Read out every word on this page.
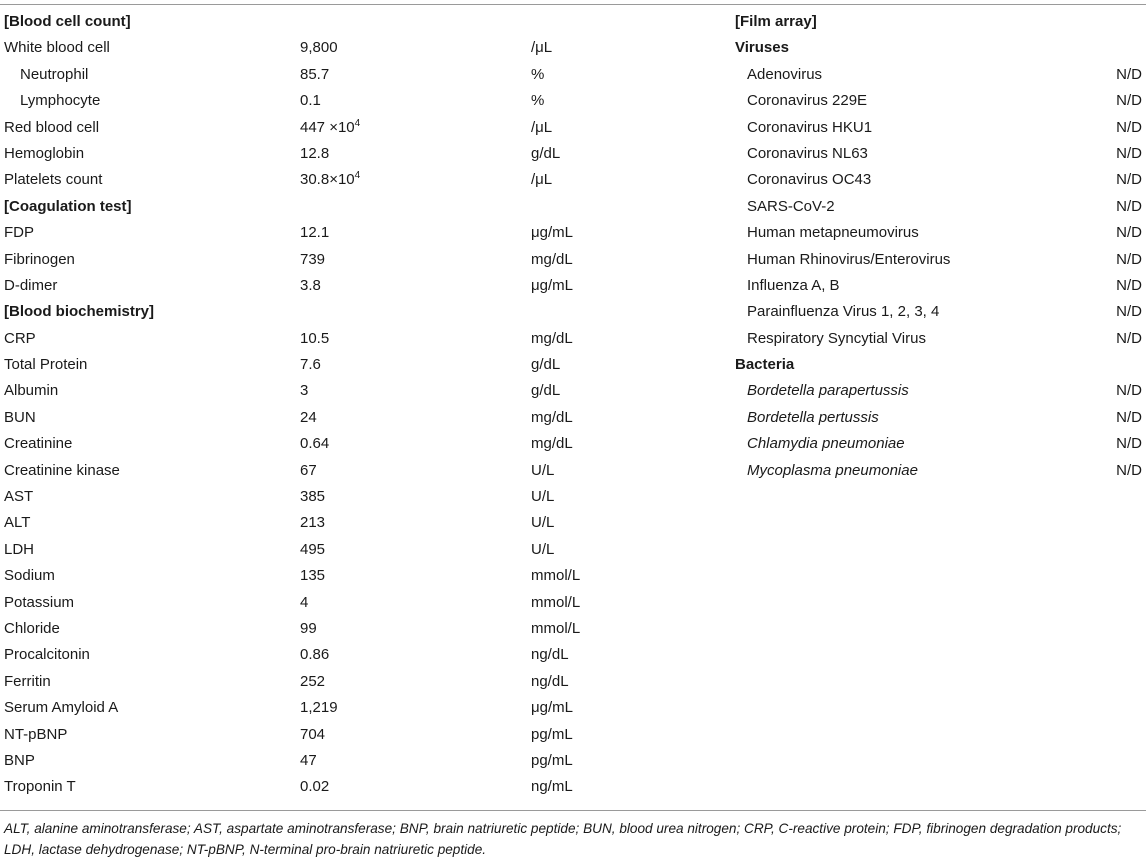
[Blood cell count]
White blood cell	9,800	/μL
Neutrophil	85.7	%
Lymphocyte	0.1	%
Red blood cell	$447 \times 10^4$	/μL
Hemoglobin	12.8	g/dL
Platelets count	$30.8\times 10^4$	/μL
[Coagulation test]
FDP	12.1	μg/mL
Fibrinogen	739	mg/dL
D-dimer	3.8	μg/mL
[Blood biochemistry]
CRP	10.5	mg/dL
Total Protein	7.6	g/dL
Albumin	3	g/dL
BUN	24	mg/dL
Creatinine	0.64	mg/dL
Creatinine kinase	67	U/L
AST	385	U/L
ALT	213	U/L
LDH	495	U/L
Sodium	135	mmol/L
Potassium	4	mmol/L
Chloride	99	mmol/L
Procalcitonin	0.86	ng/dL
Ferritin	252	ng/dL
Serum Amyloid A	1,219	μg/mL
NT-pBNP	704	pg/mL
BNP	47	pg/mL
Troponin T	0.02	ng/mL
[Film array]
Viruses
Adenovirus	N/D
Coronavirus 229E	N/D
Coronavirus HKU1	N/D
Coronavirus NL63	N/D
Coronavirus OC43	N/D
SARS-CoV-2	N/D
Human metapneumovirus	N/D
Human Rhinovirus/Enterovirus	N/D
Influenza A, B	N/D
Parainfluenza Virus 1, 2, 3, 4	N/D
Respiratory Syncytial Virus	N/D
Bacteria
Bordetella parapertussis	N/D
Bordetella pertussis	N/D
Chlamydia pneumoniae	N/D
Mycoplasma pneumoniae	N/D
ALT, alanine aminotransferase; AST, aspartate aminotransferase; BNP, brain natriuretic peptide; BUN, blood urea nitrogen; CRP, C-reactive protein; FDP, fibrinogen degradation products; LDH, lactase dehydrogenase; NT-pBNP, N-terminal pro-brain natriuretic peptide.
